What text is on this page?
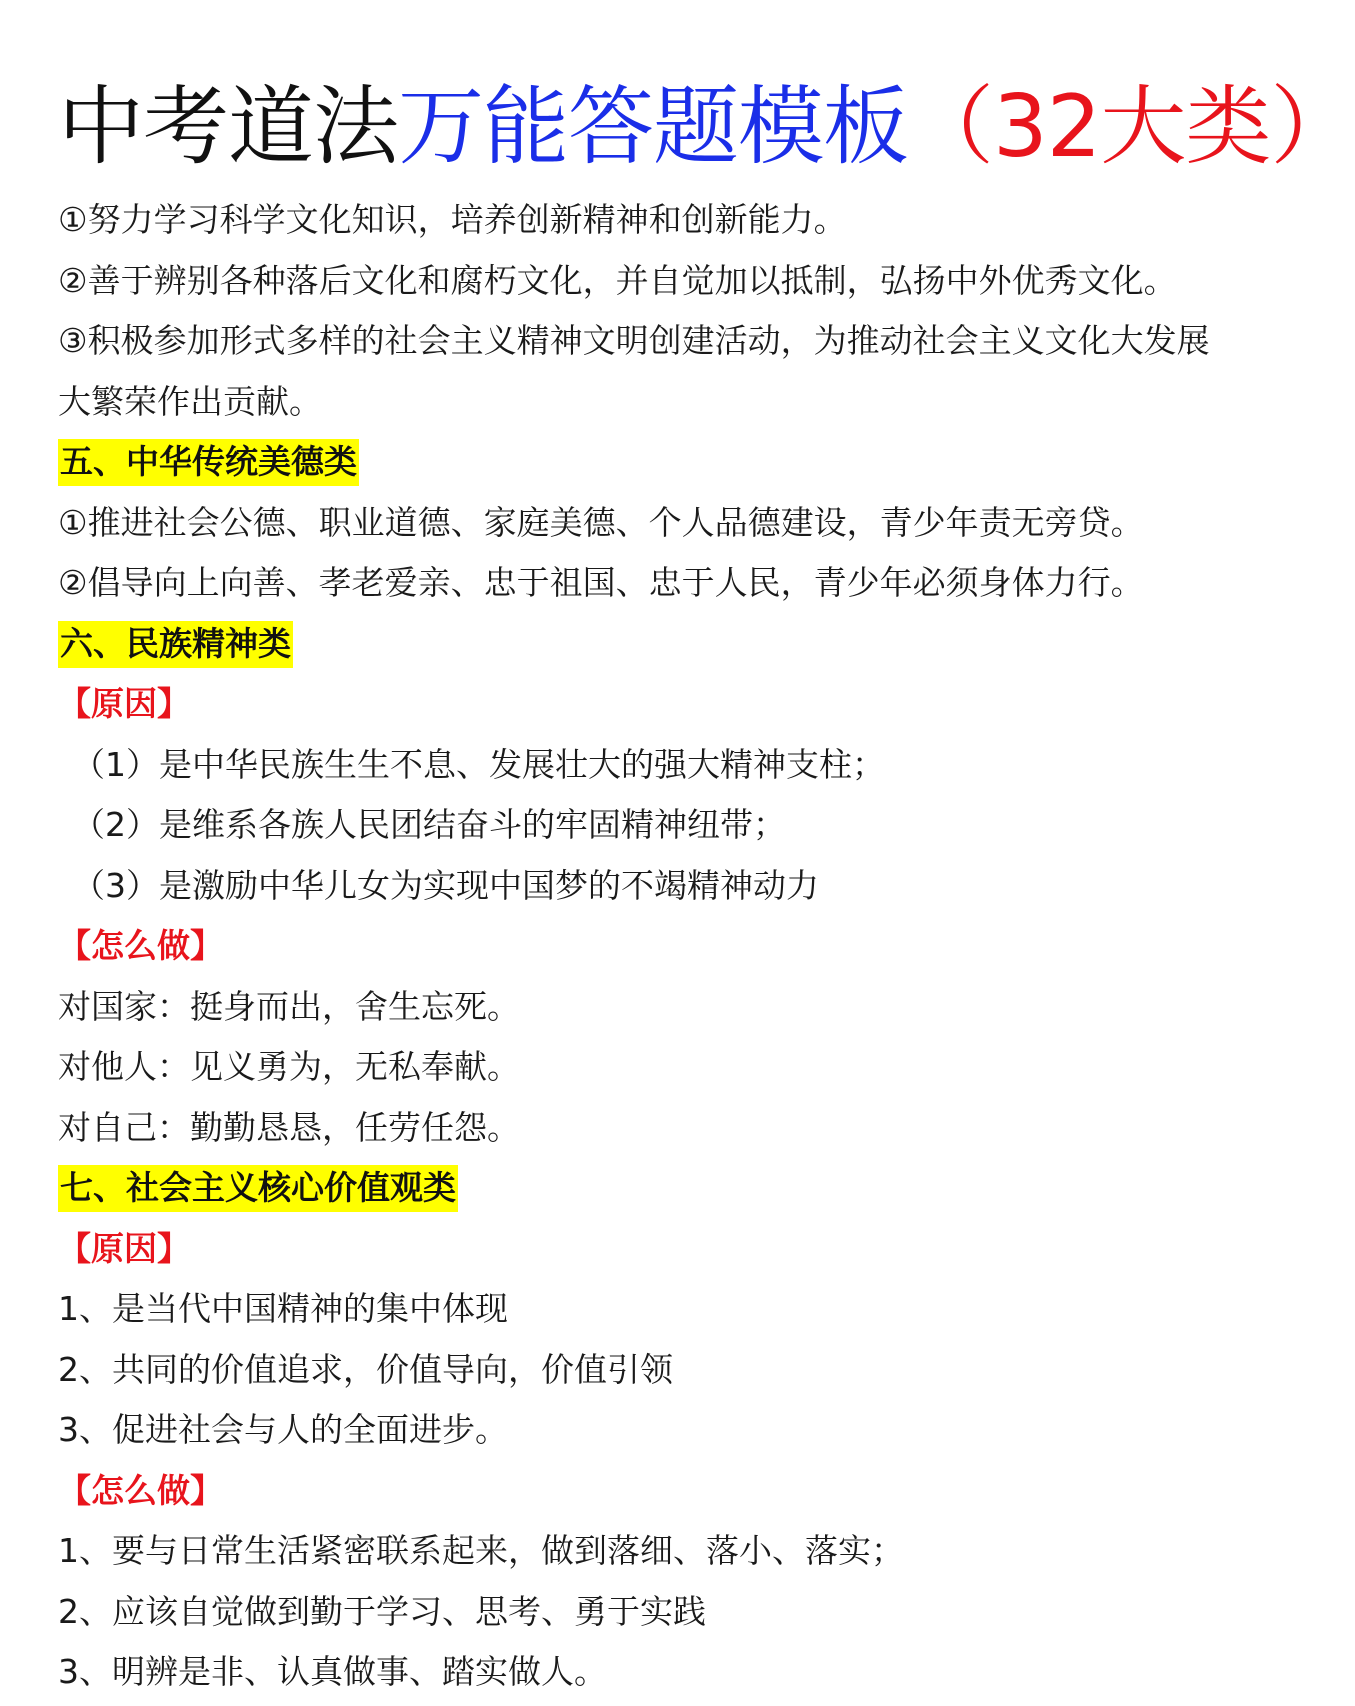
中考道法万能答题模板（32大类）
①努力学习科学文化知识，培养创新精神和创新能力。
②善于辨别各种落后文化和腐朽文化，并自觉加以抵制，弘扬中外优秀文化。
③积极参加形式多样的社会主义精神文明创建活动，为推动社会主义文化大发展
大繁荣作出贡献。
五、中华传统美德类
①推进社会公德、职业道德、家庭美德、个人品德建设，青少年责无旁贷。
②倡导向上向善、孝老爱亲、忠于祖国、忠于人民，青少年必须身体力行。
六、民族精神类
【原因】
（1）是中华民族生生不息、发展壮大的强大精神支柱；
（2）是维系各族人民团结奋斗的牢固精神纽带；
（3）是激励中华儿女为实现中国梦的不竭精神动力
【怎么做】
对国家：挺身而出，舍生忘死。
对他人：见义勇为，无私奉献。
对自己：勤勤恳恳，任劳任怨。
七、社会主义核心价值观类
【原因】
1、是当代中国精神的集中体现
2、共同的价值追求，价值导向，价值引领
3、促进社会与人的全面进步。
【怎么做】
1、要与日常生活紧密联系起来，做到落细、落小、落实；
2、应该自觉做到勤于学习、思考、勇于实践
3、明辨是非、认真做事、踏实做人。
